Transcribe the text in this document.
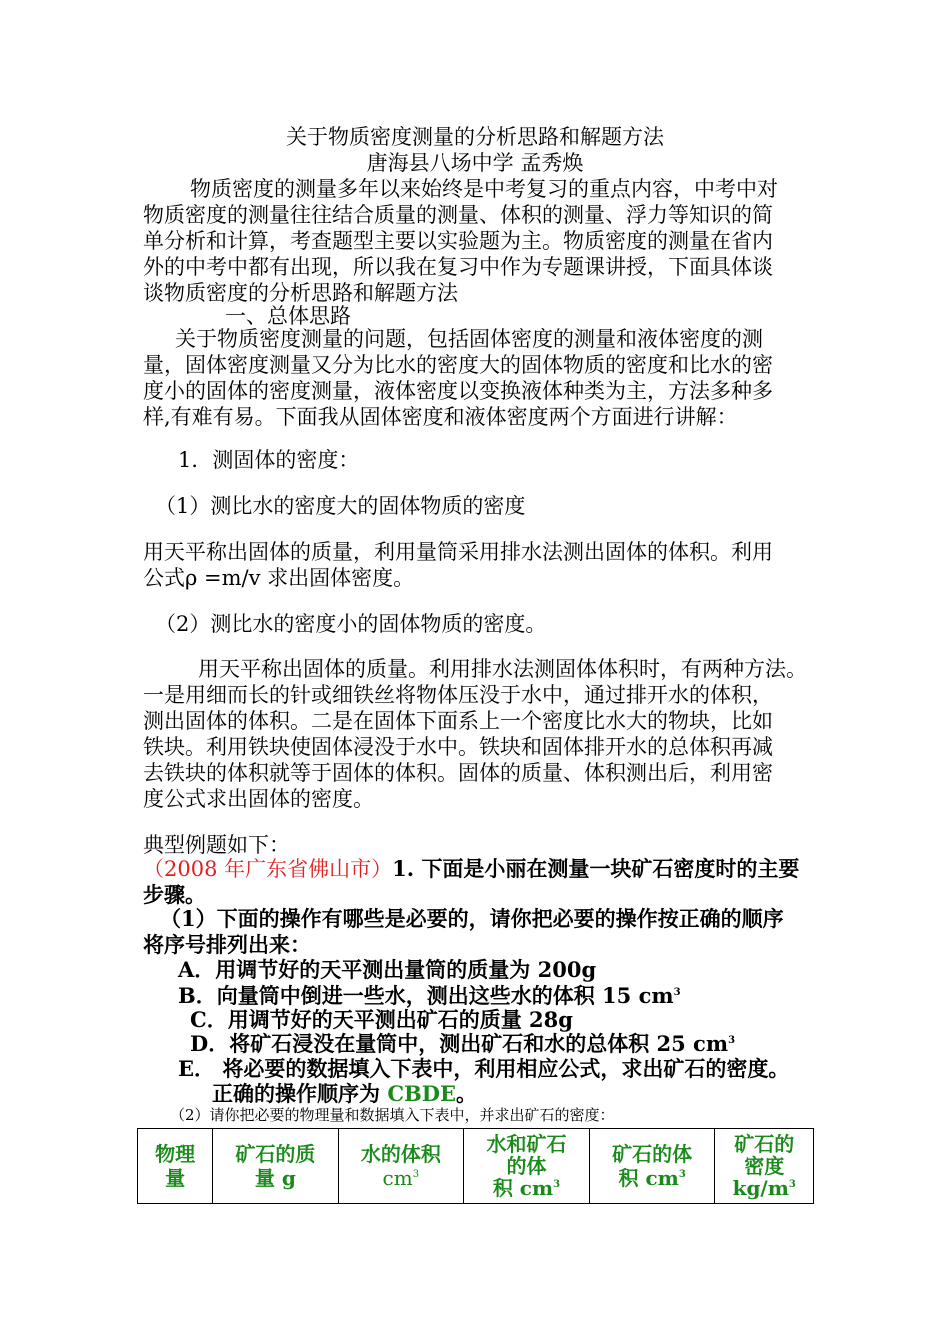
关于物质密度测量的分析思路和解题方法
唐海县八场中学 孟秀焕
物质密度的测量多年以来始终是中考复习的重点内容，中考中对
物质密度的测量往往结合质量的测量、体积的测量、浮力等知识的简
单分析和计算，考查题型主要以实验题为主。物质密度的测量在省内
外的中考中都有出现，所以我在复习中作为专题课讲授，下面具体谈
谈物质密度的分析思路和解题方法
一、总体思路
关于物质密度测量的问题，包括固体密度的测量和液体密度的测
量，固体密度测量又分为比水的密度大的固体物质的密度和比水的密
度小的固体的密度测量，液体密度以变换液体种类为主，方法多种多
样,有难有易。下面我从固体密度和液体密度两个方面进行讲解：
1．测固体的密度：
（1）测比水的密度大的固体物质的密度
用天平称出固体的质量，利用量筒采用排水法测出固体的体积。利用
公式ρ =m/v 求出固体密度。
（2）测比水的密度小的固体物质的密度。
用天平称出固体的质量。利用排水法测固体体积时，有两种方法。
一是用细而长的针或细铁丝将物体压没于水中，通过排开水的体积，
测出固体的体积。二是在固体下面系上一个密度比水大的物块，比如
铁块。利用铁块使固体浸没于水中。铁块和固体排开水的总体积再减
去铁块的体积就等于固体的体积。固体的质量、体积测出后，利用密
度公式求出固体的密度。
典型例题如下：
（2008 年广东省佛山市）1. 下面是小丽在测量一块矿石密度时的主要
步骤。
（1）下面的操作有哪些是必要的，请你把必要的操作按正确的顺序
将序号排列出来：
A．用调节好的天平测出量筒的质量为 200g
B．向量筒中倒进一些水，测出这些水的体积 15 $cm^3$
C．用调节好的天平测出矿石的质量 28g
D．将矿石浸没在量筒中，测出矿石和水的总体积 25 $cm^3$
E． 将必要的数据填入下表中，利用相应公式，求出矿石的密度。
正确的操作顺序为 CBDE。
（2）请你把必要的物理量和数据填入下表中，并求出矿石的密度：
物理
量

矿石的质
量 g

水的体积
$cm^3$

水和矿石
的体
积 $cm^3$

矿石的体
积 $cm^3$

矿石的
密度
$kg/m^3$
